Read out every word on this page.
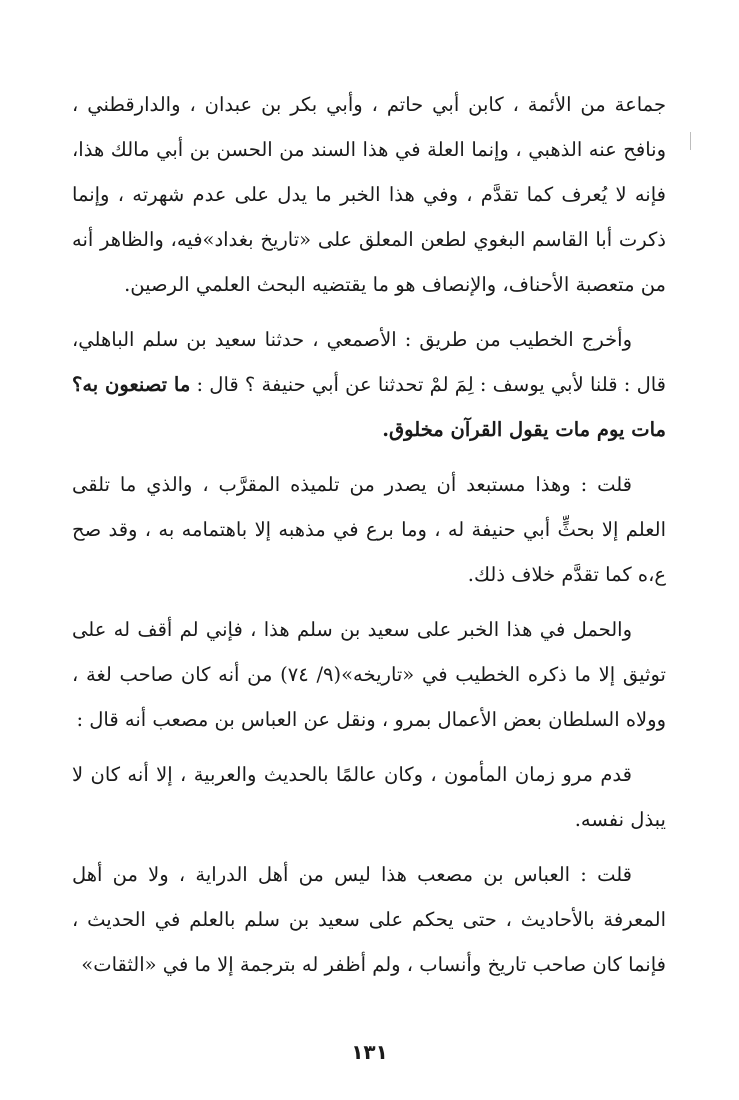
جماعة من الأئمة ، كابن أبي حاتم ، وأبي بكر بن عبدان ، والدارقطني ، ونافح عنه الذهبي ، وإنما العلة في هذا السند من الحسن بن أبي مالك هذا، فإنه لا يُعرف كما تقدَّم ، وفي هذا الخبر ما يدل على عدم شهرته ، وإنما ذكرت أبا القاسم البغوي لطعن المعلق على «تاريخ بغداد»فيه، والظاهر أنه من متعصبة الأحناف، والإنصاف هو ما يقتضيه البحث العلمي الرصين.

وأخرج الخطيب من طريق : الأصمعي ، حدثنا سعيد بن سلم الباهلي، قال : قلنا لأبي يوسف : لِمَ لمْ تحدثنا عن أبي حنيفة ؟ قال : ما تصنعون به؟ مات يوم مات يقول القرآن مخلوق.

قلت : وهذا مستبعد أن يصدر من تلميذه المقرَّب ، والذي ما تلقى العلم إلا بحثٍّ أبي حنيفة له ، وما برع في مذهبه إلا باهتمامه به ، وقد صح ع،ه كما تقدَّم خلاف ذلك.

والحمل في هذا الخبر على سعيد بن سلم هذا ، فإني لم أقف له على توثيق إلا ما ذكره الخطيب في «تاريخه»(٩/ ٧٤) من أنه كان صاحب لغة ، وولاه السلطان بعض الأعمال بمرو ، ونقل عن العباس بن مصعب أنه قال :

قدم مرو زمان المأمون ، وكان عالمًا بالحديث والعربية ، إلا أنه كان لا يبذل نفسه.

قلت : العباس بن مصعب هذا ليس من أهل الدراية ، ولا من أهل المعرفة بالأحاديث ، حتى يحكم على سعيد بن سلم بالعلم في الحديث ، فإنما كان صاحب تاريخ وأنساب ، ولم أظفر له بترجمة إلا ما في «الثقات»

١٣١
